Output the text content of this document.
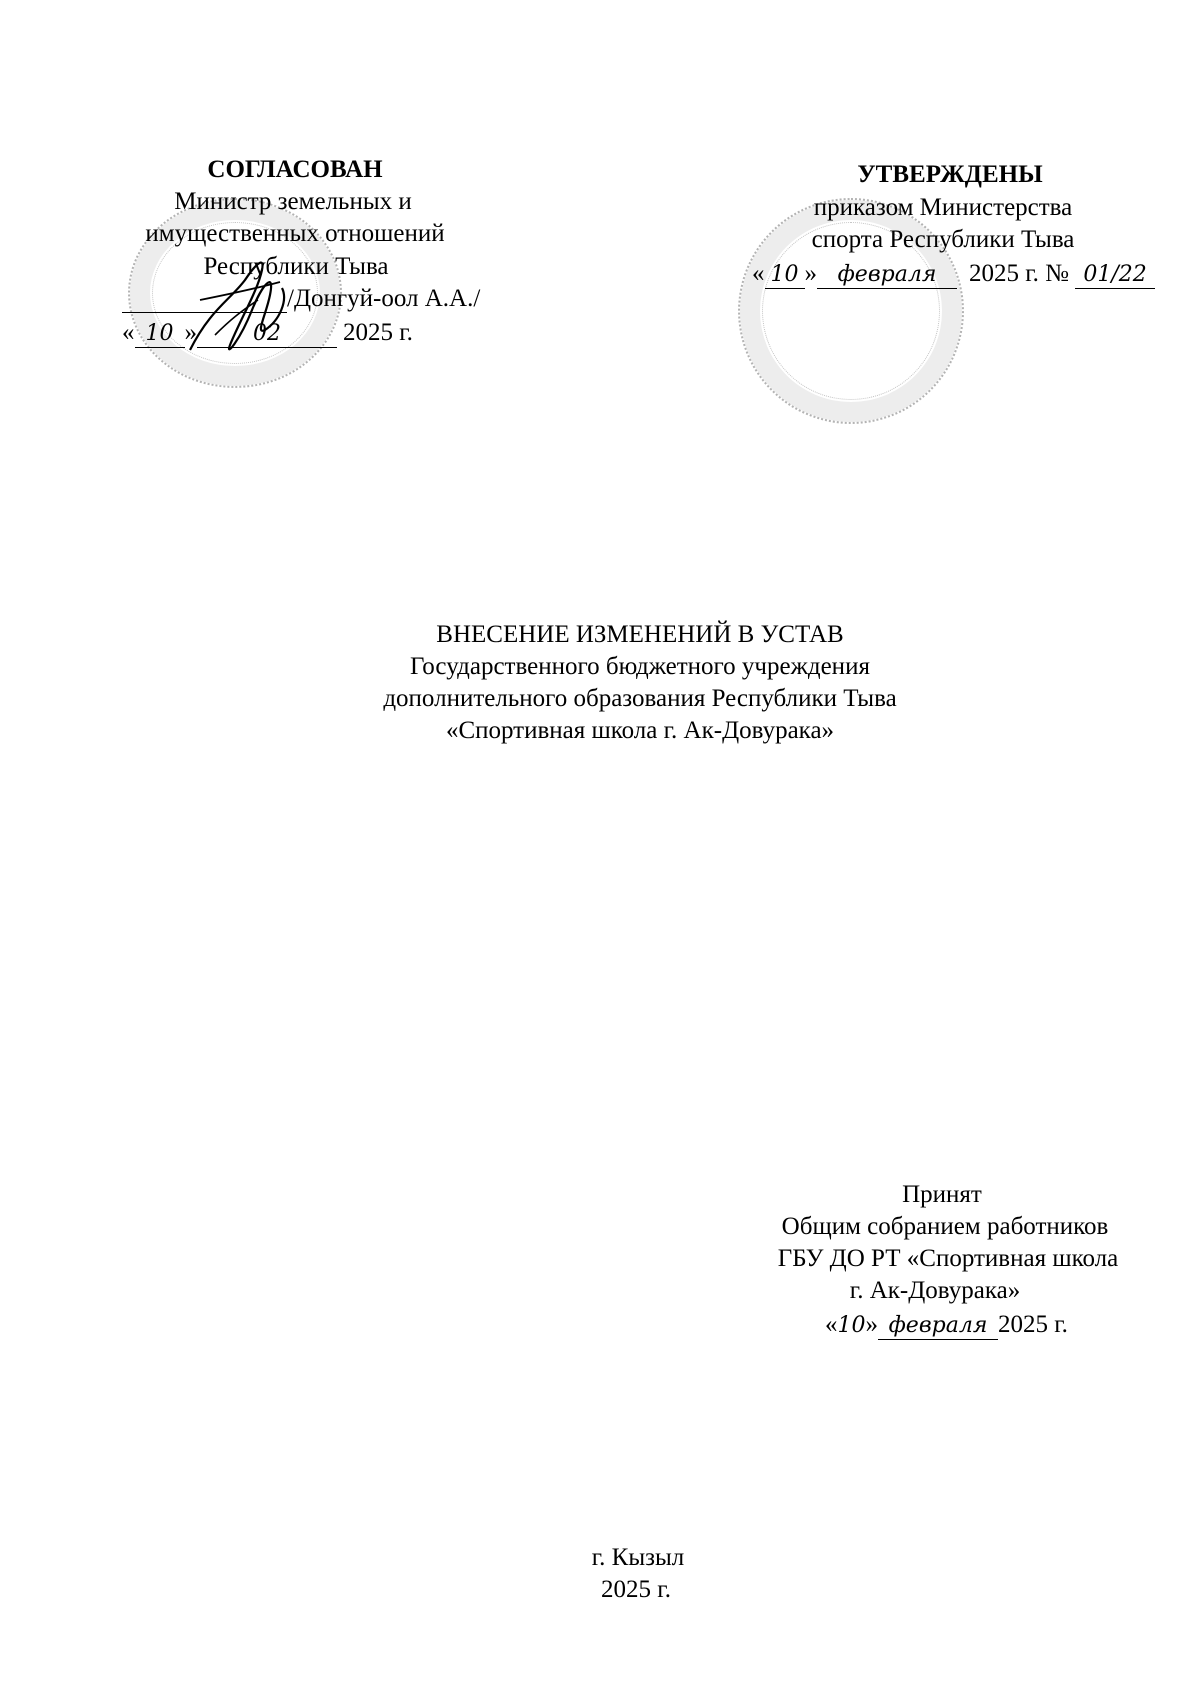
СОГЛАСОВАН
Министр земельных и
имущественных отношений
Республики Тыва
/Донгуй-оол А.А./
« 10 »	02 2025 г.
УТВЕРЖДЕНЫ
приказом Министерства
спорта Республики Тыва
« 10 » февраля 2025 г. № 01/22
ВНЕСЕНИЕ ИЗМЕНЕНИЙ В УСТАВ
Государственного бюджетного учреждения
дополнительного образования Республики Тыва
«Спортивная школа г. Ак-Довурака»
Принят
Общим собранием работников
ГБУ ДО РТ «Спортивная школа
г. Ак-Довурака»
«10» февраля 2025 г.
г. Кызыл
2025 г.
